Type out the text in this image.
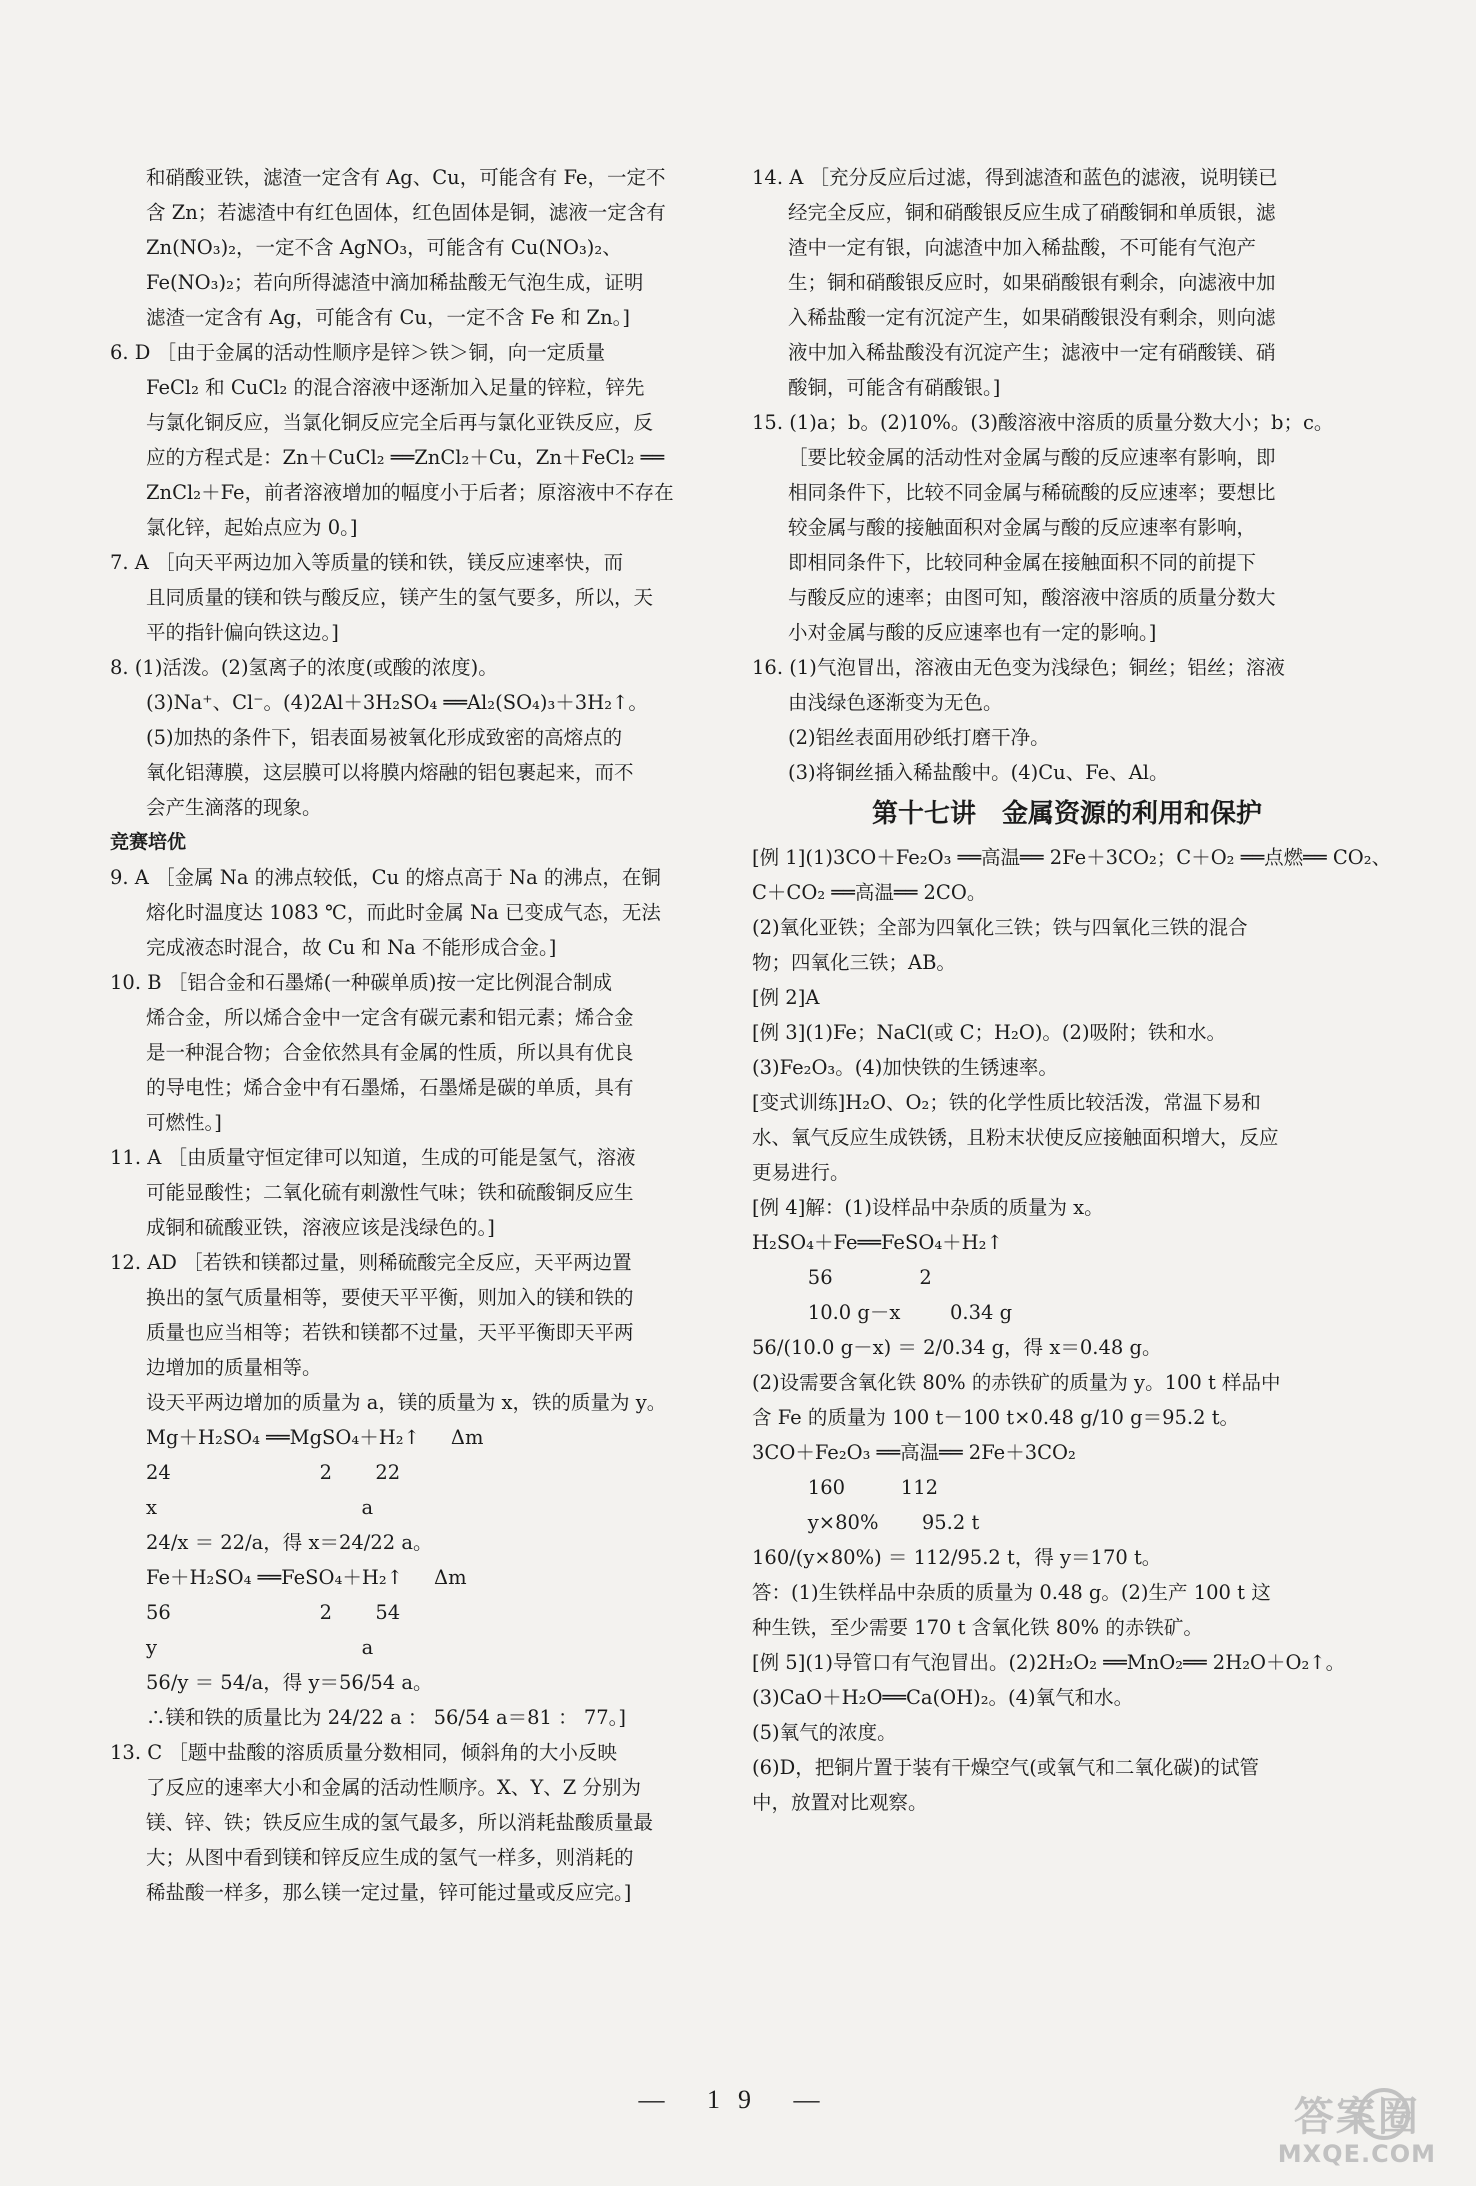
和硝酸亚铁，滤渣一定含有 Ag、Cu，可能含有 Fe，一定不
含 Zn；若滤渣中有红色固体，红色固体是铜，滤液一定含有
Zn(NO₃)₂，一定不含 AgNO₃，可能含有 Cu(NO₃)₂、
Fe(NO₃)₂；若向所得滤渣中滴加稀盐酸无气泡生成，证明
滤渣一定含有 Ag，可能含有 Cu，一定不含 Fe 和 Zn。]
6. D ［由于金属的活动性顺序是锌＞铁＞铜，向一定质量
FeCl₂ 和 CuCl₂ 的混合溶液中逐渐加入足量的锌粒，锌先
与氯化铜反应，当氯化铜反应完全后再与氯化亚铁反应，反
应的方程式是：Zn＋CuCl₂ ══ZnCl₂＋Cu，Zn＋FeCl₂ ══
ZnCl₂＋Fe，前者溶液增加的幅度小于后者；原溶液中不存在
氯化锌，起始点应为 0。]
7. A ［向天平两边加入等质量的镁和铁，镁反应速率快，而
且同质量的镁和铁与酸反应，镁产生的氢气要多，所以，天
平的指针偏向铁这边。]
8. (1)活泼。(2)氢离子的浓度(或酸的浓度)。
(3)Na⁺、Cl⁻。(4)2Al＋3H₂SO₄ ══Al₂(SO₄)₃＋3H₂↑。
(5)加热的条件下，铝表面易被氧化形成致密的高熔点的
氧化铝薄膜，这层膜可以将膜内熔融的铝包裹起来，而不
会产生滴落的现象。
竞赛培优
9. A ［金属 Na 的沸点较低，Cu 的熔点高于 Na 的沸点，在铜
熔化时温度达 1083 ℃，而此时金属 Na 已变成气态，无法
完成液态时混合，故 Cu 和 Na 不能形成合金。]
10. B ［铝合金和石墨烯(一种碳单质)按一定比例混合制成
烯合金，所以烯合金中一定含有碳元素和铝元素；烯合金
是一种混合物；合金依然具有金属的性质，所以具有优良
的导电性；烯合金中有石墨烯，石墨烯是碳的单质，具有
可燃性。]
11. A ［由质量守恒定律可以知道，生成的可能是氢气，溶液
可能显酸性；二氧化硫有刺激性气味；铁和硫酸铜反应生
成铜和硫酸亚铁，溶液应该是浅绿色的。]
12. AD ［若铁和镁都过量，则稀硫酸完全反应，天平两边置
换出的氢气质量相等，要使天平平衡，则加入的镁和铁的
质量也应当相等；若铁和镁都不过量，天平平衡即天平两
边增加的质量相等。
设天平两边增加的质量为 a，镁的质量为 x，铁的质量为 y。
Mg＋H₂SO₄ ══MgSO₄＋H₂↑     Δm
24                        2       22
x                                 a
24/x ＝ 22/a，得 x＝24/22 a。
Fe＋H₂SO₄ ══FeSO₄＋H₂↑     Δm
56                        2       54
y                                 a
56/y ＝ 54/a，得 y＝56/54 a。
∴镁和铁的质量比为 24/22 a ： 56/54 a＝81 ： 77。]
13. C ［题中盐酸的溶质质量分数相同，倾斜角的大小反映
了反应的速率大小和金属的活动性顺序。X、Y、Z 分别为
镁、锌、铁；铁反应生成的氢气最多，所以消耗盐酸质量最
大；从图中看到镁和锌反应生成的氢气一样多，则消耗的
稀盐酸一样多，那么镁一定过量，锌可能过量或反应完。]
14. A ［充分反应后过滤，得到滤渣和蓝色的滤液，说明镁已
经完全反应，铜和硝酸银反应生成了硝酸铜和单质银，滤
渣中一定有银，向滤渣中加入稀盐酸，不可能有气泡产
生；铜和硝酸银反应时，如果硝酸银有剩余，向滤液中加
入稀盐酸一定有沉淀产生，如果硝酸银没有剩余，则向滤
液中加入稀盐酸没有沉淀产生；滤液中一定有硝酸镁、硝
酸铜，可能含有硝酸银。]
15. (1)a；b。(2)10%。(3)酸溶液中溶质的质量分数大小；b；c。
［要比较金属的活动性对金属与酸的反应速率有影响，即
相同条件下，比较不同金属与稀硫酸的反应速率；要想比
较金属与酸的接触面积对金属与酸的反应速率有影响，
即相同条件下，比较同种金属在接触面积不同的前提下
与酸反应的速率；由图可知，酸溶液中溶质的质量分数大
小对金属与酸的反应速率也有一定的影响。]
16. (1)气泡冒出，溶液由无色变为浅绿色；铜丝；铝丝；溶液
由浅绿色逐渐变为无色。
(2)铝丝表面用砂纸打磨干净。
(3)将铜丝插入稀盐酸中。(4)Cu、Fe、Al。
第十七讲　金属资源的利用和保护
[例 1](1)3CO＋Fe₂O₃ ══高温══ 2Fe＋3CO₂；C＋O₂ ══点燃══ CO₂、
C＋CO₂ ══高温══ 2CO。
(2)氧化亚铁；全部为四氧化三铁；铁与四氧化三铁的混合
物；四氧化三铁；AB。
[例 2]A
[例 3](1)Fe；NaCl(或 C；H₂O)。(2)吸附；铁和水。
(3)Fe₂O₃。(4)加快铁的生锈速率。
[变式训练]H₂O、O₂；铁的化学性质比较活泼，常温下易和
水、氧气反应生成铁锈，且粉末状使反应接触面积增大，反应
更易进行。
[例 4]解：(1)设样品中杂质的质量为 x。
H₂SO₄＋Fe══FeSO₄＋H₂↑
56              2
10.0 g－x        0.34 g
56/(10.0 g－x) ＝ 2/0.34 g，得 x＝0.48 g。
(2)设需要含氧化铁 80% 的赤铁矿的质量为 y。100 t 样品中
含 Fe 的质量为 100 t－100 t×0.48 g/10 g＝95.2 t。
3CO＋Fe₂O₃ ══高温══ 2Fe＋3CO₂
160         112
y×80%       95.2 t
160/(y×80%) ＝ 112/95.2 t，得 y＝170 t。
答：(1)生铁样品中杂质的质量为 0.48 g。(2)生产 100 t 这
种生铁，至少需要 170 t 含氧化铁 80% 的赤铁矿。
[例 5](1)导管口有气泡冒出。(2)2H₂O₂ ══MnO₂══ 2H₂O＋O₂↑。
(3)CaO＋H₂O══Ca(OH)₂。(4)氧气和水。
(5)氧气的浓度。
(6)D，把铜片置于装有干燥空气(或氧气和二氧化碳)的试管
中，放置对比观察。
— 19 —	答案圈
MXQE.COM
